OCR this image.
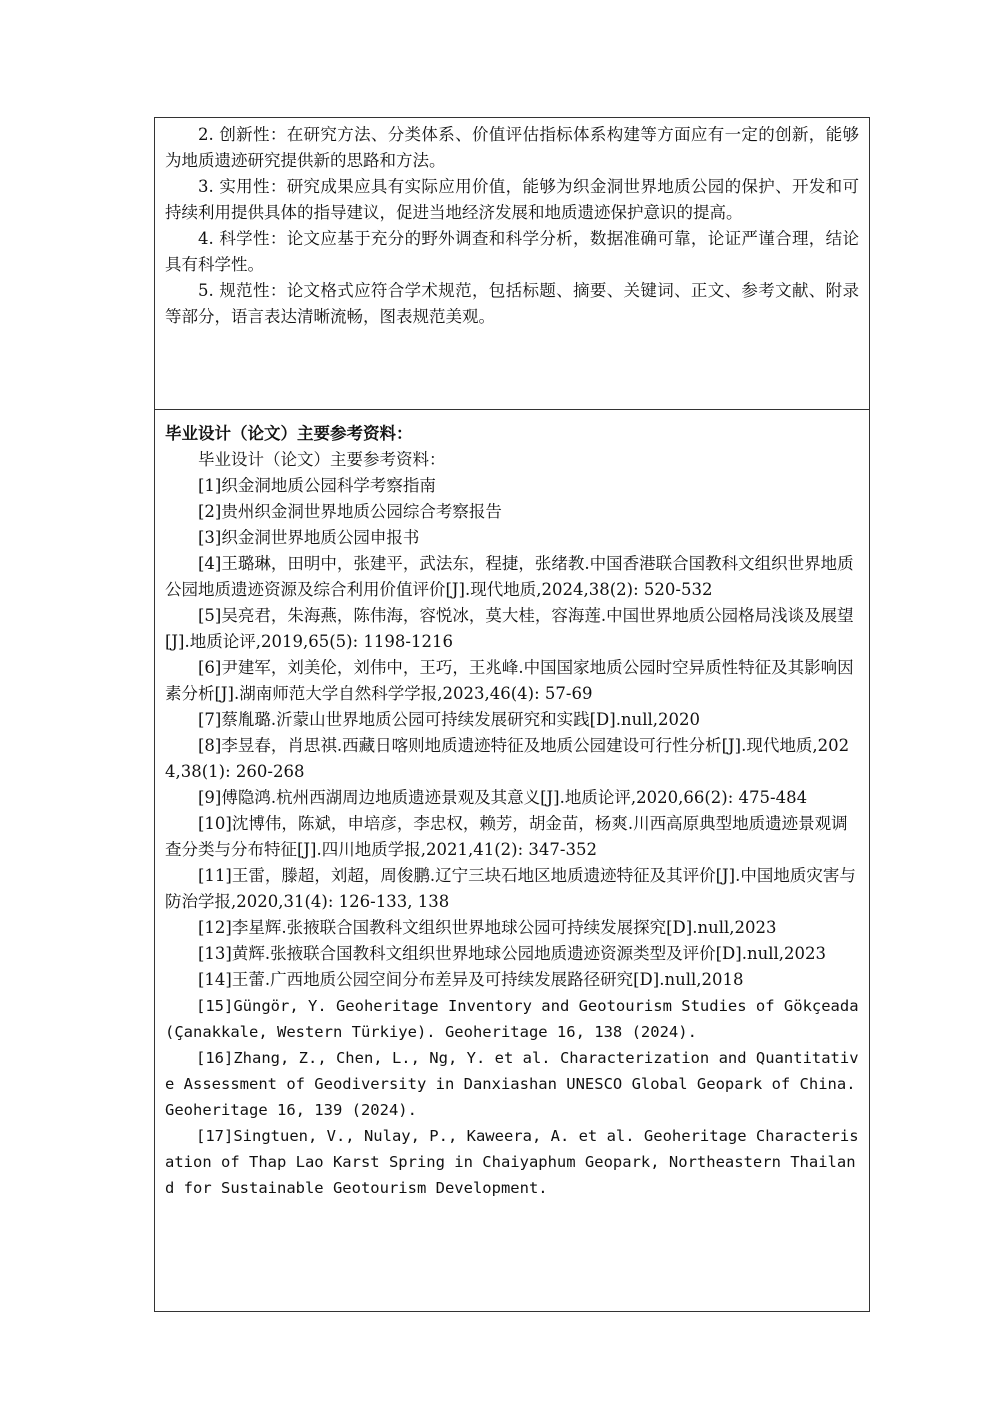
2. 创新性：在研究方法、分类体系、价值评估指标体系构建等方面应有一定的创新，能够为地质遗迹研究提供新的思路和方法。

3. 实用性：研究成果应具有实际应用价值，能够为织金洞世界地质公园的保护、开发和可持续利用提供具体的指导建议，促进当地经济发展和地质遗迹保护意识的提高。

4. 科学性：论文应基于充分的野外调查和科学分析，数据准确可靠，论证严谨合理，结论具有科学性。

5. 规范性：论文格式应符合学术规范，包括标题、摘要、关键词、正文、参考文献、附录等部分，语言表达清晰流畅，图表规范美观。

毕业设计（论文）主要参考资料：

毕业设计（论文）主要参考资料：

[1]织金洞地质公园科学考察指南

[2]贵州织金洞世界地质公园综合考察报告

[3]织金洞世界地质公园申报书

[4]王璐琳，田明中，张建平，武法东，程捷，张绪教.中国香港联合国教科文组织世界地质公园地质遗迹资源及综合利用价值评价[J].现代地质,2024,38(2): 520-532

[5]吴亮君，朱海燕，陈伟海，容悦冰，莫大桂，容海莲.中国世界地质公园格局浅谈及展望[J].地质论评,2019,65(5): 1198-1216

[6]尹建军，刘美伦，刘伟中，王巧，王兆峰.中国国家地质公园时空异质性特征及其影响因素分析[J].湖南师范大学自然科学学报,2023,46(4): 57-69

[7]蔡胤璐.沂蒙山世界地质公园可持续发展研究和实践[D].null,2020

[8]李昱春，肖思祺.西藏日喀则地质遗迹特征及地质公园建设可行性分析[J].现代地质,2024,38(1): 260-268

[9]傅隐鸿.杭州西湖周边地质遗迹景观及其意义[J].地质论评,2020,66(2): 475-484

[10]沈博伟，陈斌，申培彦，李忠权，赖芳，胡金苗，杨爽.川西高原典型地质遗迹景观调查分类与分布特征[J].四川地质学报,2021,41(2): 347-352

[11]王雷，滕超，刘超，周俊鹏.辽宁三块石地区地质遗迹特征及其评价[J].中国地质灾害与防治学报,2020,31(4): 126-133, 138

[12]李星辉.张掖联合国教科文组织世界地球公园可持续发展探究[D].null,2023

[13]黄辉.张掖联合国教科文组织世界地球公园地质遗迹资源类型及评价[D].null,2023

[14]王蕾.广西地质公园空间分布差异及可持续发展路径研究[D].null,2018

[15]Güngör, Y. Geoheritage Inventory and Geotourism Studies of Gökçeada (Çanakkale, Western Türkiye). Geoheritage 16, 138 (2024).

[16]Zhang, Z., Chen, L., Ng, Y. et al. Characterization and Quantitative Assessment of Geodiversity in Danxiashan UNESCO Global Geopark of China. Geoheritage 16, 139 (2024).

[17]Singtuen, V., Nulay, P., Kaweera, A. et al. Geoheritage Characterisation of Thap Lao Karst Spring in Chaiyaphum Geopark, Northeastern Thailand for Sustainable Geotourism Development.
